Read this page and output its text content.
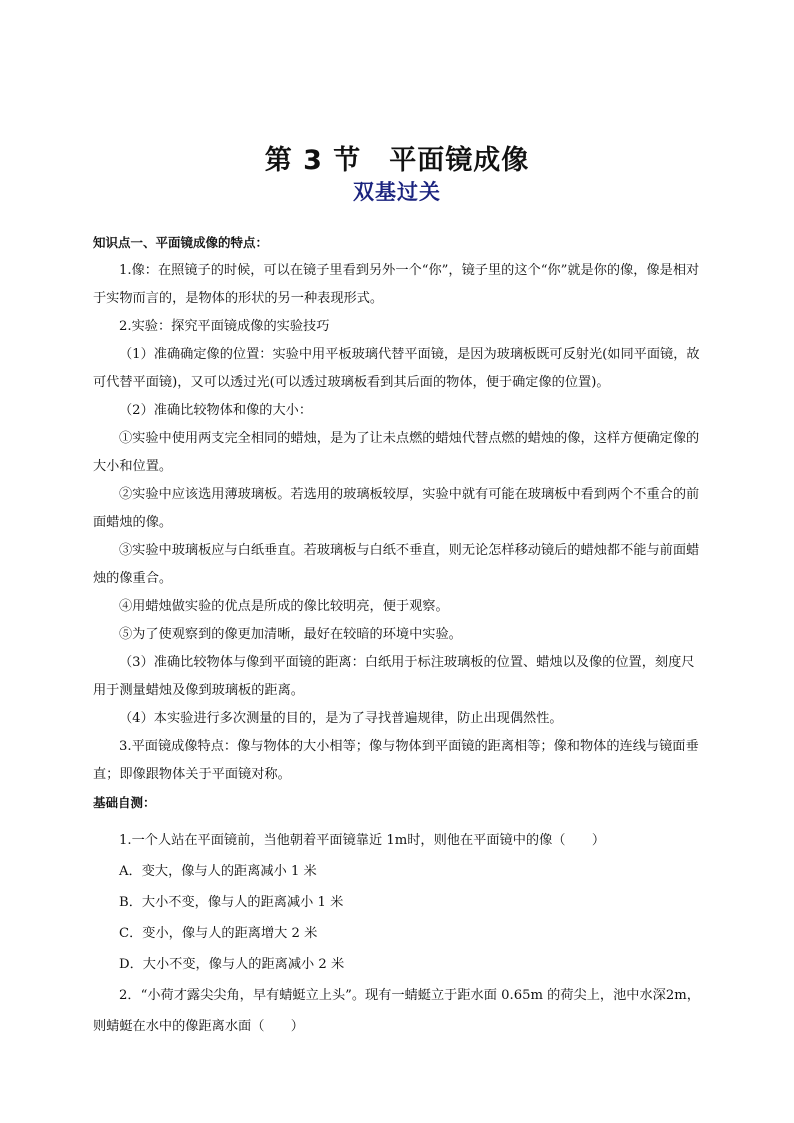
第 3 节　平面镜成像
双基过关

知识点一、平面镜成像的特点：

1.像：在照镜子的时候，可以在镜子里看到另外一个“你”，镜子里的这个“你”就是你的像，像是相对于实物而言的，是物体的形状的另一种表现形式。

2.实验：探究平面镜成像的实验技巧

（1）准确确定像的位置：实验中用平板玻璃代替平面镜，是因为玻璃板既可反射光(如同平面镜，故可代替平面镜)，又可以透过光(可以透过玻璃板看到其后面的物体，便于确定像的位置)。

（2）准确比较物体和像的大小：

①实验中使用两支完全相同的蜡烛，是为了让未点燃的蜡烛代替点燃的蜡烛的像，这样方便确定像的大小和位置。

②实验中应该选用薄玻璃板。若选用的玻璃板较厚，实验中就有可能在玻璃板中看到两个不重合的前面蜡烛的像。

③实验中玻璃板应与白纸垂直。若玻璃板与白纸不垂直，则无论怎样移动镜后的蜡烛都不能与前面蜡烛的像重合。

④用蜡烛做实验的优点是所成的像比较明亮，便于观察。

⑤为了使观察到的像更加清晰，最好在较暗的环境中实验。

（3）准确比较物体与像到平面镜的距离：白纸用于标注玻璃板的位置、蜡烛以及像的位置，刻度尺用于测量蜡烛及像到玻璃板的距离。

（4）本实验进行多次测量的目的，是为了寻找普遍规律，防止出现偶然性。

3.平面镜成像特点：像与物体的大小相等；像与物体到平面镜的距离相等；像和物体的连线与镜面垂直；即像跟物体关于平面镜对称。

基础自测：

1.一个人站在平面镜前，当他朝着平面镜靠近 1m时，则他在平面镜中的像（　　）

A．变大，像与人的距离减小 1 米

B．大小不变，像与人的距离减小 1 米

C．变小，像与人的距离增大 2 米

D．大小不变，像与人的距离减小 2 米

2．“小荷才露尖尖角，早有蜻蜓立上头”。现有一蜻蜓立于距水面 0.65m 的荷尖上，池中水深2m，则蜻蜓在水中的像距离水面（　　）
